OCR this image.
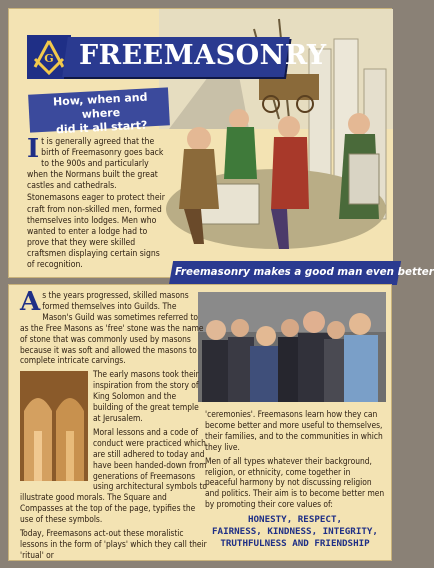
G FREEMASONRY
How, when and where
did it all start?

It is generally agreed that the birth of Freemasonry goes back to the 900s and particularly when the Normans built the great castles and cathedrals.

Stonemasons eager to protect their craft from non-skilled men, formed themselves into lodges. Men who wanted to enter a lodge had to prove that they were skilled craftsmen displaying certain signs of recognition.

Freemasonry makes a good man even better

As the years progressed, skilled masons formed themselves into Guilds. The Mason's Guild was sometimes referred to as the Free Masons as 'free' stone was the name of stone that was commonly used by masons because it was soft and allowed the masons to complete intricate carvings.

The early masons took their inspiration from the story of King Solomon and the building of the great temple at Jerusalem.

Moral lessons and a code of conduct were practiced which are still adhered to today and have been handed-down from generations of Freemasons using architectural symbols to illustrate good morals. The Square and Compasses at the top of the page, typifies the use of these symbols.

Today, Freemasons act-out these moralistic lessons in the form of 'plays' which they call their 'ritual' or

'ceremonies'. Freemasons learn how they can become better and more useful to themselves, their families, and to the communities in which they live.

Men of all types whatever their background, religion, or ethnicity, come together in peaceful harmony by not discussing religion and politics. Their aim is to become better men by promoting their core values of:

HONESTY, RESPECT,
FAIRNESS, KINDNESS, INTEGRITY,
TRUTHFULNESS AND FRIENDSHIP
